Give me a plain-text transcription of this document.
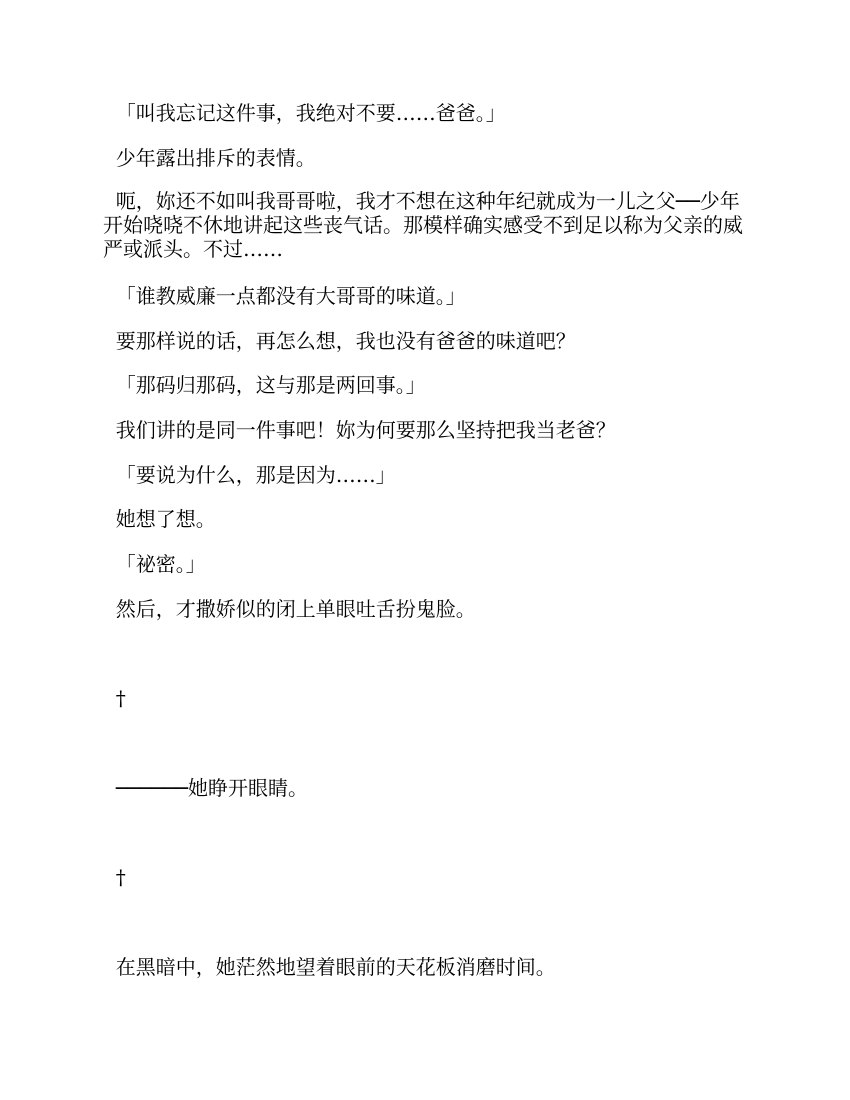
「叫我忘记这件事，我绝对不要……爸爸。」

少年露出排斥的表情。

呃，妳还不如叫我哥哥啦，我才不想在这种年纪就成为一儿之父──少年开始哓哓不休地讲起这些丧气话。那模样确实感受不到足以称为父亲的威严或派头。不过……

「谁教威廉一点都没有大哥哥的味道。」

要那样说的话，再怎么想，我也没有爸爸的味道吧？

「那码归那码，这与那是两回事。」

我们讲的是同一件事吧！妳为何要那么坚持把我当老爸？

「要说为什么，那是因为……」

她想了想。

「祕密。」

然后，才撒娇似的闭上单眼吐舌扮鬼脸。

†

──────她睁开眼睛。

†

在黑暗中，她茫然地望着眼前的天花板消磨时间。
